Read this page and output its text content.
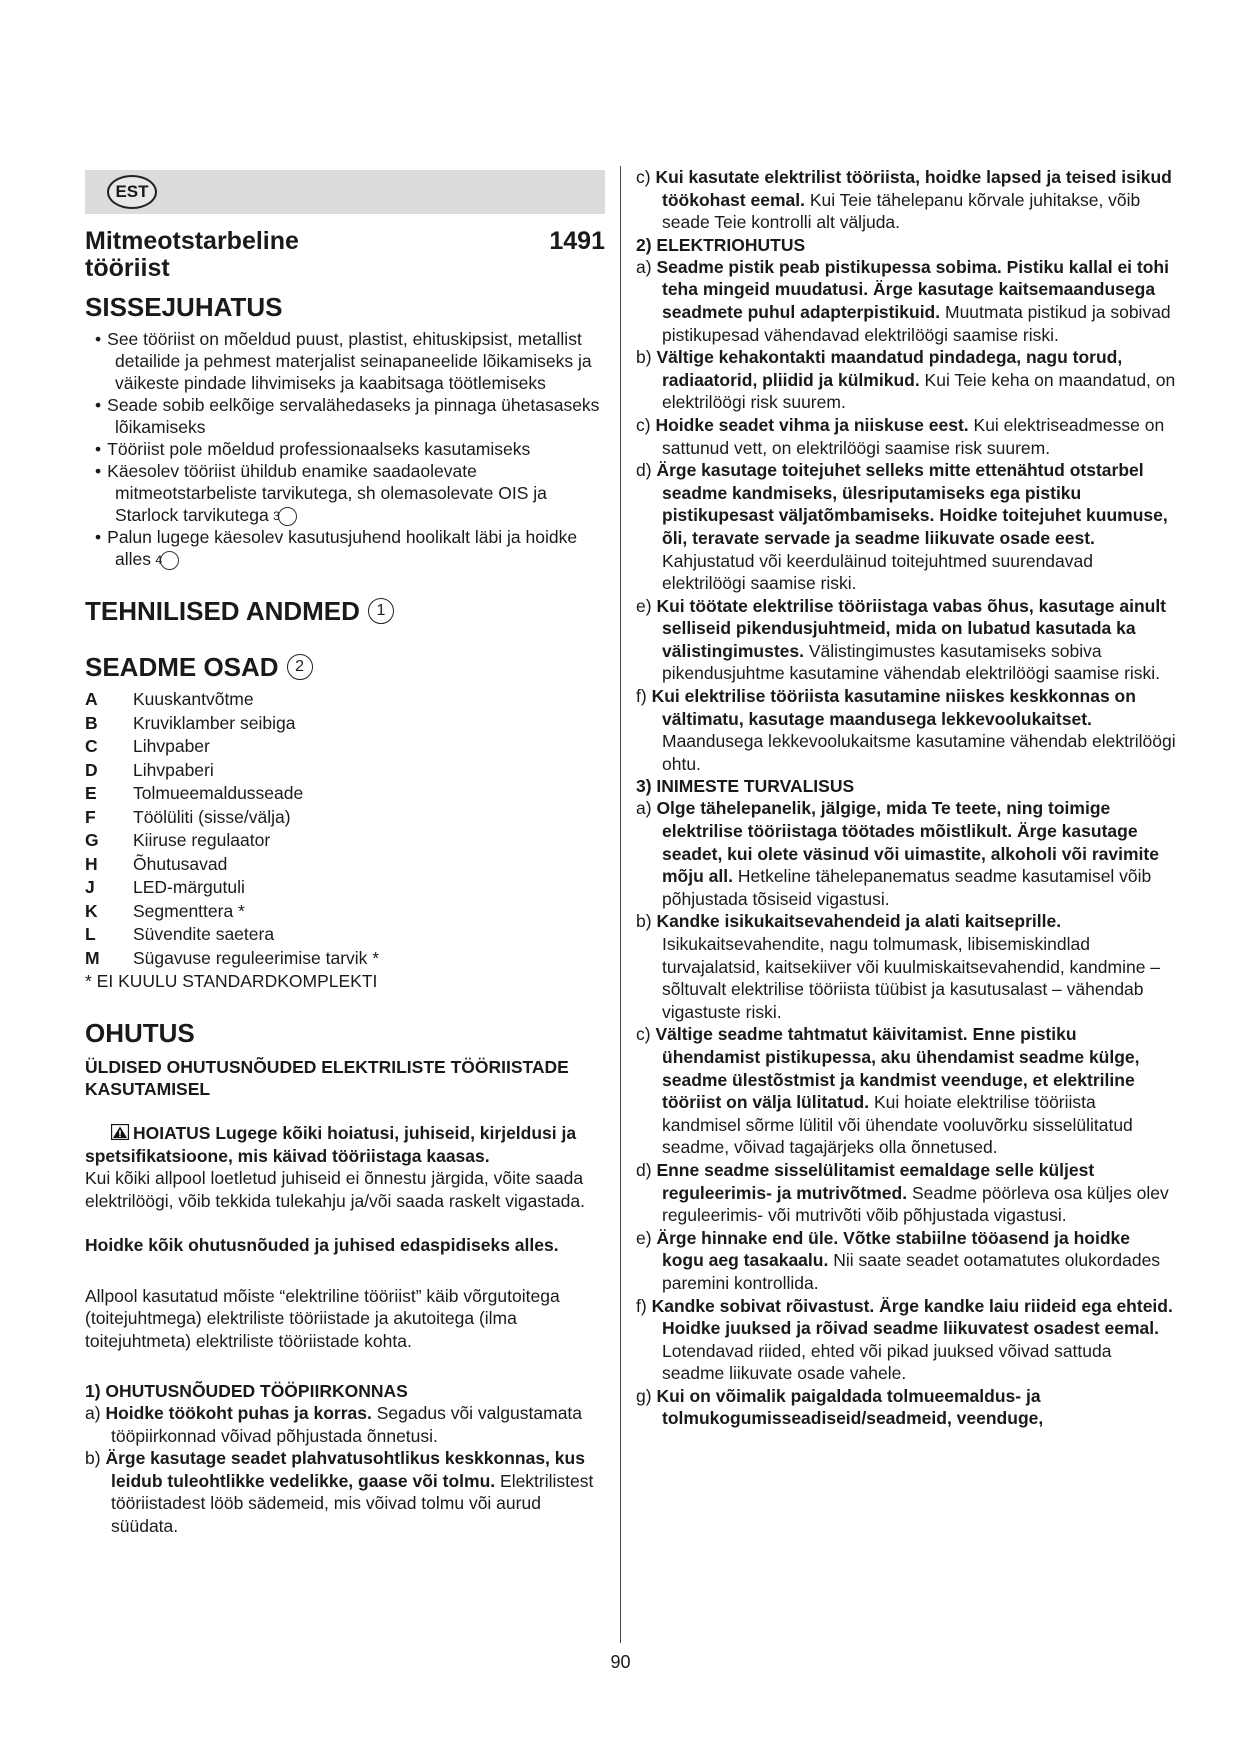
EST
Mitmeotstarbeline
tööriist
1491
SISSEJUHATUS
• See tööriist on mõeldud puust, plastist, ehituskipsist, metallist detailide ja pehmest materjalist seinapaneelide lõikamiseks ja väikeste pindade lihvimiseks ja kaabitsaga töötlemiseks
• Seade sobib eelkõige servalähedaseks ja pinnaga ühetasaseks lõikamiseks
• Tööriist pole mõeldud professionaalseks kasutamiseks
• Käesolev tööriist ühildub enamike saadaolevate mitmeotstarbeliste tarvikutega, sh olemasolevate OIS ja Starlock tarvikutega 3
• Palun lugege käesolev kasutusjuhend hoolikalt läbi ja hoidke alles 4
TEHNILISED ANDMED	1
SEADME OSAD	2
A	Kuuskantvõtme
B	Kruviklamber seibiga
C	Lihvpaber
D	Lihvpaberi
E	Tolmueemaldusseade
F	Töölüliti (sisse/välja)
G	Kiiruse regulaator
H	Õhutusavad
J	LED-märgutuli
K	Segmenttera *
L	Süvendite saetera
M	Sügavuse reguleerimise tarvik *
* EI KUULU STANDARDKOMPLEKTI
OHUTUS
ÜLDISED OHUTUSNÕUDED ELEKTRILISTE TÖÖRIISTADE KASUTAMISEL

HOIATUS Lugege kõiki hoiatusi, juhiseid, kirjeldusi ja spetsifikatsioone, mis käivad tööriistaga kaasas.

Kui kõiki allpool loetletud juhiseid ei õnnestu järgida, võite saada elektrilöögi, võib tekkida tulekahju ja/või saada raskelt vigastada.

Hoidke kõik ohutusnõuded ja juhised edaspidiseks alles.

Allpool kasutatud mõiste “elektriline tööriist” käib võrgutoitega (toitejuhtmega) elektriliste tööriistade ja akutoitega (ilma toitejuhtmeta) elektriliste tööriistade kohta.

1) OHUTUSNÕUDED TÖÖPIIRKONNAS
a) Hoidke töökoht puhas ja korras. Segadus või valgustamata tööpiirkonnad võivad põhjustada õnnetusi.
b) Ärge kasutage seadet plahvatusohtlikus keskkonnas, kus leidub tuleohtlikke vedelikke, gaase või tolmu. Elektrilistest tööriistadest lööb sädemeid, mis võivad tolmu või aurud süüdata.
c) Kui kasutate elektrilist tööriista, hoidke lapsed ja teised isikud töökohast eemal. Kui Teie tähelepanu kõrvale juhitakse, võib seade Teie kontrolli alt väljuda.
2) ELEKTRIOHUTUS
a) Seadme pistik peab pistikupessa sobima. Pistiku kallal ei tohi teha mingeid muudatusi. Ärge kasutage kaitsemaandusega seadmete puhul adapterpistikuid. Muutmata pistikud ja sobivad pistikupesad vähendavad elektrilöögi saamise riski.
b) Vältige kehakontakti maandatud pindadega, nagu torud, radiaatorid, pliidid ja külmikud. Kui Teie keha on maandatud, on elektrilöögi risk suurem.
c) Hoidke seadet vihma ja niiskuse eest. Kui elektriseadmesse on sattunud vett, on elektrilöögi saamise risk suurem.
d) Ärge kasutage toitejuhet selleks mitte ettenähtud otstarbel seadme kandmiseks, ülesriputamiseks ega pistiku pistikupesast väljatõmbamiseks. Hoidke toitejuhet kuumuse, õli, teravate servade ja seadme liikuvate osade eest. Kahjustatud või keerduläinud toitejuhtmed suurendavad elektrilöögi saamise riski.
e) Kui töötate elektrilise tööriistaga vabas õhus, kasutage ainult selliseid pikendusjuhtmeid, mida on lubatud kasutada ka välistingimustes. Välistingimustes kasutamiseks sobiva pikendusjuhtme kasutamine vähendab elektrilöögi saamise riski.
f) Kui elektrilise tööriista kasutamine niiskes keskkonnas on vältimatu, kasutage maandusega lekkevoolukaitset. Maandusega lekkevoolukaitsme kasutamine vähendab elektrilöögi ohtu.
3) INIMESTE TURVALISUS
a) Olge tähelepanelik, jälgige, mida Te teete, ning toimige elektrilise tööriistaga töötades mõistlikult. Ärge kasutage seadet, kui olete väsinud või uimastite, alkoholi või ravimite mõju all. Hetkeline tähelepanematus seadme kasutamisel võib põhjustada tõsiseid vigastusi.
b) Kandke isikukaitsevahendeid ja alati kaitseprille. Isikukaitsevahendite, nagu tolmumask, libisemiskindlad turvajalatsid, kaitsekiiver või kuulmiskaitsevahendid, kandmine – sõltuvalt elektrilise tööriista tüübist ja kasutusalast – vähendab vigastuste riski.
c) Vältige seadme tahtmatut käivitamist. Enne pistiku ühendamist pistikupessa, aku ühendamist seadme külge, seadme ülestõstmist ja kandmist veenduge, et elektriline tööriist on välja lülitatud. Kui hoiate elektrilise tööriista kandmisel sõrme lülitil või ühendate vooluvõrku sisselülitatud seadme, võivad tagajärjeks olla õnnetused.
d) Enne seadme sisselülitamist eemaldage selle küljest reguleerimis- ja mutrivõtmed. Seadme pöörleva osa küljes olev reguleerimis- või mutrivõti võib põhjustada vigastusi.
e) Ärge hinnake end üle. Võtke stabiilne tööasend ja hoidke kogu aeg tasakaalu. Nii saate seadet ootamatutes olukordades paremini kontrollida.
f) Kandke sobivat rõivastust. Ärge kandke laiu riideid ega ehteid. Hoidke juuksed ja rõivad seadme liikuvatest osadest eemal. Lotendavad riided, ehted või pikad juuksed võivad sattuda seadme liikuvate osade vahele.
g) Kui on võimalik paigaldada tolmueemaldus- ja tolmukogumisseadiseid/seadmeid, veenduge,
90
